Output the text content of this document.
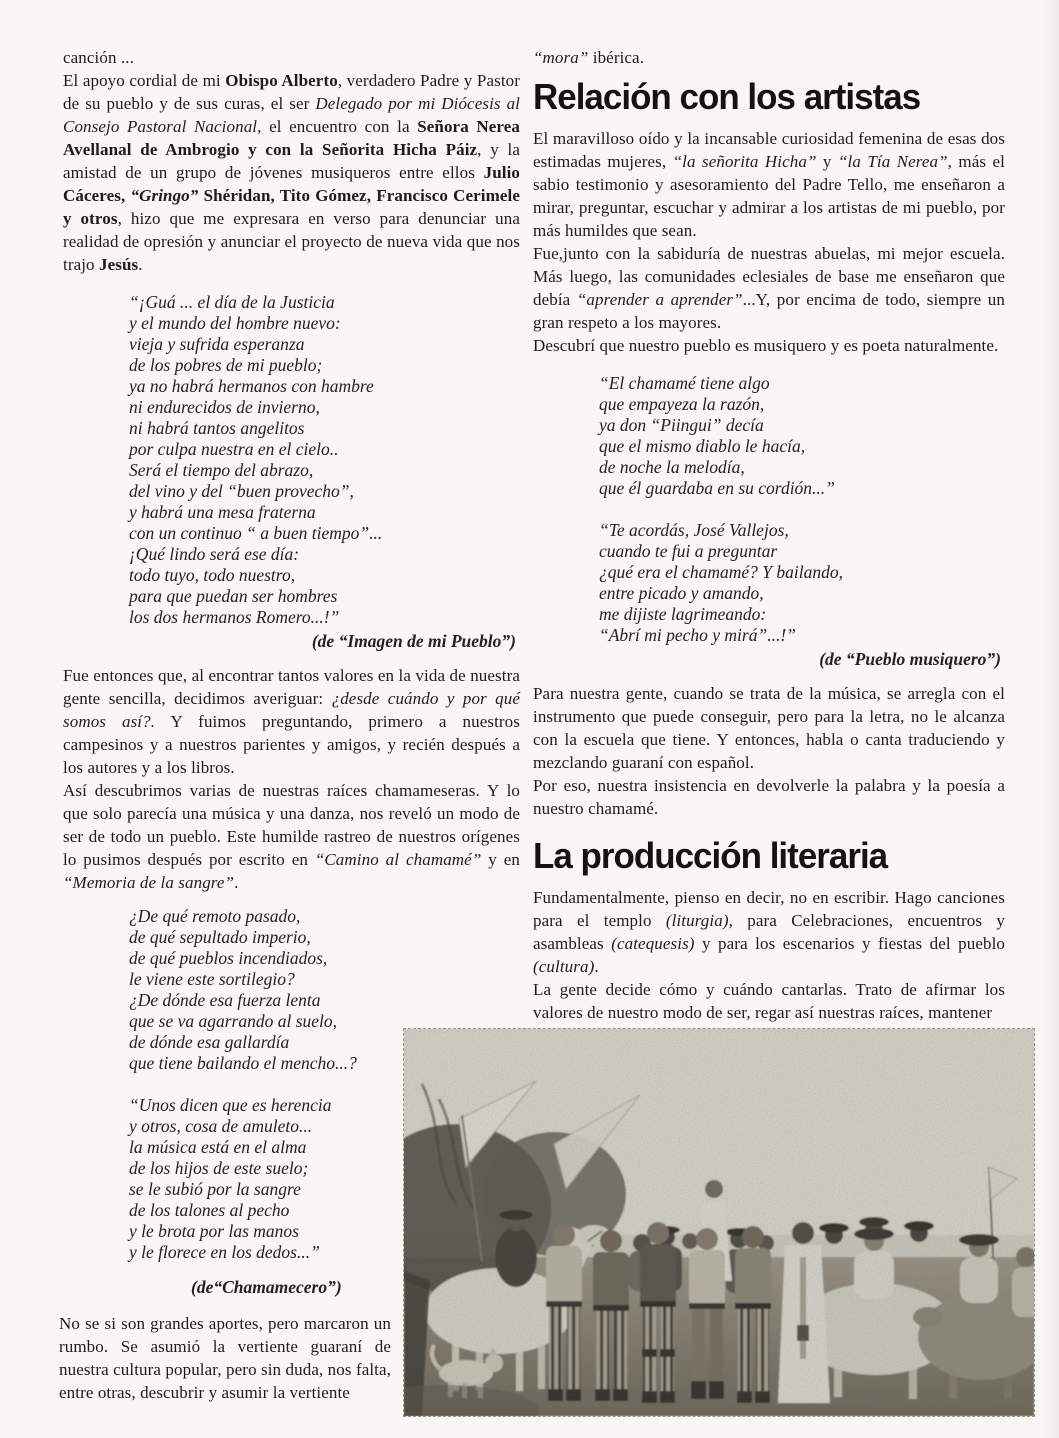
canción ...

El apoyo cordial de mi Obispo Alberto, verdadero Padre y Pastor de su pueblo y de sus curas, el ser Delegado por mi Diócesis al Consejo Pastoral Nacional, el encuentro con la Señora Nerea Avellanal de Ambrogio y con la Señorita Hicha Páiz, y la amistad de un grupo de jóvenes musiqueros entre ellos Julio Cáceres, “Gringo” Shéridan, Tito Gómez, Francisco Cerimele y otros, hizo que me expresara en verso para denunciar una realidad de opresión y anunciar el proyecto de nueva vida que nos trajo Jesús.

“¡Guá ... el día de la Justicia
y el mundo del hombre nuevo:
vieja y sufrida esperanza
de los pobres de mi pueblo;
ya no habrá hermanos con hambre
ni endurecidos de invierno,
ni habrá tantos angelitos
por culpa nuestra en el cielo..
Será el tiempo del abrazo,
del vino y del “buen provecho”,
y habrá una mesa fraterna
con un continuo “ a buen tiempo”...
¡Qué lindo será ese día:
todo tuyo, todo nuestro,
para que puedan ser hombres
los dos hermanos Romero...!”
(de “Imagen de mi Pueblo”)

Fue entonces que, al encontrar tantos valores en la vida de nuestra gente sencilla, decidimos averiguar: ¿desde cuándo y por qué somos así?. Y fuimos preguntando, primero a nuestros campesinos y a nuestros parientes y amigos, y recién después a los autores y a los libros.

Así descubrimos varias de nuestras raíces chamameseras. Y lo que solo parecía una música y una danza, nos reveló un modo de ser de todo un pueblo. Este humilde rastreo de nuestros orígenes lo pusimos después por escrito en “Camino al chamamé” y en “Memoria de la sangre”.

¿De qué remoto pasado,
de qué sepultado imperio,
de qué pueblos incendiados,
le viene este sortilegio?
¿De dónde esa fuerza lenta
que se va agarrando al suelo,
de dónde esa gallardía
que tiene bailando el mencho...?
“Unos dicen que es herencia
y otros, cosa de amuleto...
la música está en el alma
de los hijos de este suelo;
se le subió por la sangre
de los talones al pecho
y le brota por las manos
y le florece en los dedos...”
(de“Chamamecero”)

No se si son grandes aportes, pero marcaron un rumbo. Se asumió la vertiente guaraní de nuestra cultura popular, pero sin duda, nos falta, entre otras, descubrir y asumir la vertiente

“mora” ibérica.

Relación con los artistas

El maravilloso oído y la incansable curiosidad femenina de esas dos estimadas mujeres, “la señorita Hicha” y “la Tía Nerea”, más el sabio testimonio y asesoramiento del Padre Tello, me enseñaron a mirar, preguntar, escuchar y admirar a los artistas de mi pueblo, por más humildes que sean.

Fue,junto con la sabiduría de nuestras abuelas, mi mejor escuela. Más luego, las comunidades eclesiales de base me enseñaron que debía “aprender a aprender”...Y, por encima de todo, siempre un gran respeto a los mayores.

Descubrí que nuestro pueblo es musiquero y es poeta naturalmente.

“El chamamé tiene algo
que empayeza la razón,
ya don “Piingui” decía
que el mismo diablo le hacía,
de noche la melodía,
que él guardaba en su cordión...”
“Te acordás, José Vallejos,
cuando te fui a preguntar
¿qué era el chamamé? Y bailando,
entre picado y amando,
me dijiste lagrimeando:
“Abrí mi pecho y mirá”...!”
(de “Pueblo musiquero”)

Para nuestra gente, cuando se trata de la música, se arregla con el instrumento que puede conseguir, pero para la letra, no le alcanza con la escuela que tiene. Y entonces, habla o canta traduciendo y mezclando guaraní con español.

Por eso, nuestra insistencia en devolverle la palabra y la poesía a nuestro chamamé.

La producción literaria

Fundamentalmente, pienso en decir, no en escribir. Hago canciones para el templo (liturgia), para Celebraciones, encuentros y asambleas (catequesis) y para los escenarios y fiestas del pueblo (cultura).

La gente decide cómo y cuándo cantarlas. Trato de afirmar los valores de nuestro modo de ser, regar así nuestras raíces, mantener
